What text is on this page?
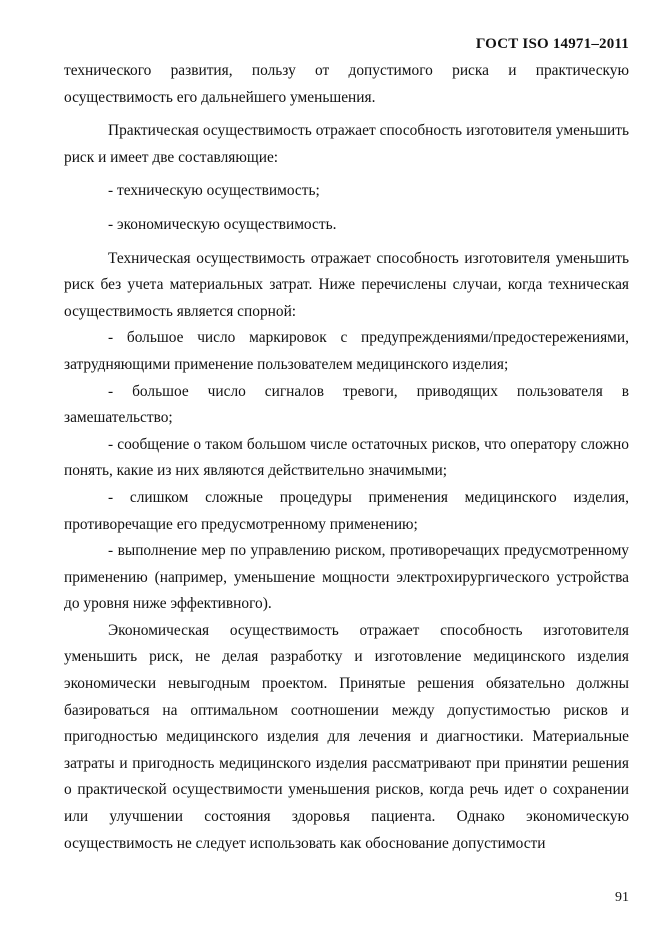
ГОСТ ISO 14971–2011

технического развития, пользу от допустимого риска и практическую осуществимость его дальнейшего уменьшения.

Практическая осуществимость отражает способность изготовителя уменьшить риск и имеет две составляющие:

- техническую осуществимость;

- экономическую осуществимость.

Техническая осуществимость отражает способность изготовителя уменьшить риск без учета материальных затрат. Ниже перечислены случаи, когда техническая осуществимость является спорной:

- большое число маркировок с предупреждениями/предостережениями, затрудняющими применение пользователем медицинского изделия;

- большое число сигналов тревоги, приводящих пользователя в замешательство;

- сообщение о таком большом числе остаточных рисков, что оператору сложно понять, какие из них являются действительно значимыми;

- слишком сложные процедуры применения медицинского изделия, противоречащие его предусмотренному применению;

- выполнение мер по управлению риском, противоречащих предусмотренному применению (например, уменьшение мощности электрохирургического устройства до уровня ниже эффективного).

Экономическая осуществимость отражает способность изготовителя уменьшить риск, не делая разработку и изготовление медицинского изделия экономически невыгодным проектом. Принятые решения обязательно должны базироваться на оптимальном соотношении между допустимостью рисков и пригодностью медицинского изделия для лечения и диагностики. Материальные затраты и пригодность медицинского изделия рассматривают при принятии решения о практической осуществимости уменьшения рисков, когда речь идет о сохранении или улучшении состояния здоровья пациента. Однако экономическую осуществимость не следует использовать как обоснование допустимости

91
